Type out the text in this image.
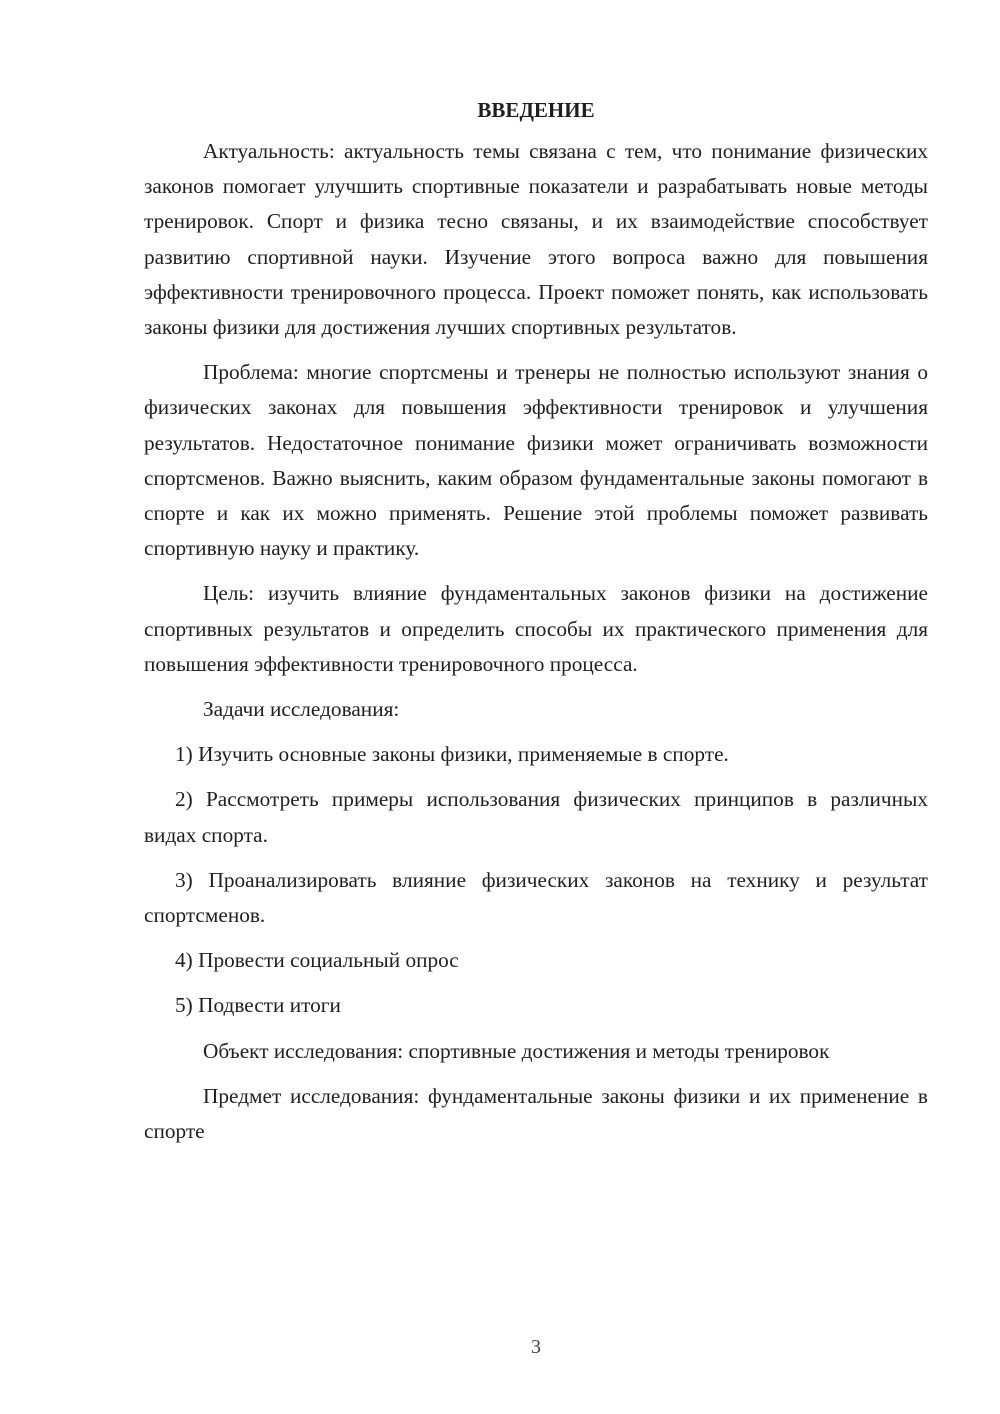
ВВЕДЕНИЕ

Актуальность: актуальность темы связана с тем, что понимание физических законов помогает улучшить спортивные показатели и разрабатывать новые методы тренировок. Спорт и физика тесно связаны, и их взаимодействие способствует развитию спортивной науки. Изучение этого вопроса важно для повышения эффективности тренировочного процесса. Проект поможет понять, как использовать законы физики для достижения лучших спортивных результатов.

Проблема: многие спортсмены и тренеры не полностью используют знания о физических законах для повышения эффективности тренировок и улучшения результатов. Недостаточное понимание физики может ограничивать возможности спортсменов. Важно выяснить, каким образом фундаментальные законы помогают в спорте и как их можно применять. Решение этой проблемы поможет развивать спортивную науку и практику.

Цель: изучить влияние фундаментальных законов физики на достижение спортивных результатов и определить способы их практического применения для повышения эффективности тренировочного процесса.

Задачи исследования:

1) Изучить основные законы физики, применяемые в спорте.

2) Рассмотреть примеры использования физических принципов в различных видах спорта.

3) Проанализировать влияние физических законов на технику и результат спортсменов.

4) Провести социальный опрос

5) Подвести итоги

Объект исследования: спортивные достижения и методы тренировок

Предмет исследования: фундаментальные законы физики и их применение в спорте

3
